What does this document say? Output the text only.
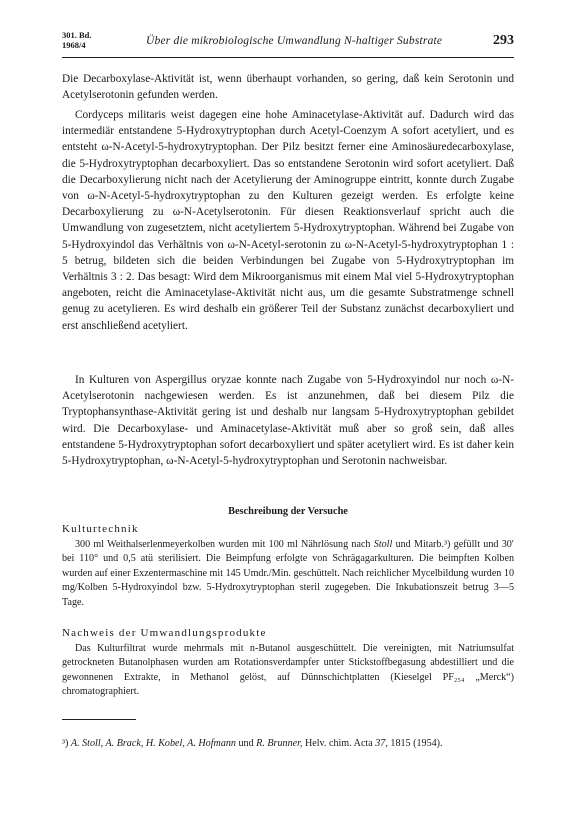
301. Bd.
1968/4	Über die mikrobiologische Umwandlung N-haltiger Substrate	293

Die Decarboxylase-Aktivität ist, wenn überhaupt vorhanden, so gering, daß kein Serotonin und Acetylserotonin gefunden werden.

Cordyceps militaris weist dagegen eine hohe Aminacetylase-Aktivität auf. Dadurch wird das intermediär entstandene 5-Hydroxytryptophan durch Acetyl-Coenzym A sofort acetyliert, und es entsteht ω-N-Acetyl-5-hydroxytryptophan. Der Pilz besitzt ferner eine Aminosäuredecarboxylase, die 5-Hydroxytryptophan decarboxyliert. Das so entstandene Serotonin wird sofort acetyliert. Daß die Decarboxylierung nicht nach der Acetylierung der Aminogruppe eintritt, konnte durch Zugabe von ω-N-Acetyl-5-hydroxytryptophan zu den Kulturen gezeigt werden. Es erfolgte keine Decarboxylierung zu ω-N-Acetylserotonin. Für diesen Reaktionsverlauf spricht auch die Umwandlung von zugesetztem, nicht acetyliertem 5-Hydroxytryptophan. Während bei Zugabe von 5-Hydroxyindol das Verhältnis von ω-N-Acetyl-serotonin zu ω-N-Acetyl-5-hydroxytryptophan 1 : 5 betrug, bildeten sich die beiden Verbindungen bei Zugabe von 5-Hydroxytryptophan im Verhältnis 3 : 2. Das besagt: Wird dem Mikroorganismus mit einem Mal viel 5-Hydroxytryptophan angeboten, reicht die Aminacetylase-Aktivität nicht aus, um die gesamte Substratmenge schnell genug zu acetylieren. Es wird deshalb ein größerer Teil der Substanz zunächst decarboxyliert und erst anschließend acetyliert.

In Kulturen von Aspergillus oryzae konnte nach Zugabe von 5-Hydroxyindol nur noch ω-N-Acetylserotonin nachgewiesen werden. Es ist anzunehmen, daß bei diesem Pilz die Tryptophansynthase-Aktivität gering ist und deshalb nur langsam 5-Hydroxytryptophan gebildet wird. Die Decarboxylase- und Aminacetylase-Aktivität muß aber so groß sein, daß alles entstandene 5-Hydroxytryptophan sofort decarboxyliert und später acetyliert wird. Es ist daher kein 5-Hydroxytryptophan, ω-N-Acetyl-5-hydroxytryptophan und Serotonin nachweisbar.

Beschreibung der Versuche

Kulturtechnik

300 ml Weithalserlenmeyerkolben wurden mit 100 ml Nährlösung nach Stoll und Mitarb.³) gefüllt und 30′ bei 110° und 0,5 atü sterilisiert. Die Beimpfung erfolgte von Schrägagarkulturen. Die beimpften Kolben wurden auf einer Exzentermaschine mit 145 Umdr./Min. geschüttelt. Nach reichlicher Mycelbildung wurden 10 mg/Kolben 5-Hydroxyindol bzw. 5-Hydroxytryptophan steril zugegeben. Die Inkubationszeit betrug 3—5 Tage.

Nachweis der Umwandlungsprodukte

Das Kulturfiltrat wurde mehrmals mit n-Butanol ausgeschüttelt. Die vereinigten, mit Natriumsulfat getrockneten Butanolphasen wurden am Rotationsverdampfer unter Stickstoffbegasung abdestilliert und die gewonnenen Extrakte, in Methanol gelöst, auf Dünnschichtplatten (Kieselgel PF₂₅₄ „Merck“) chromatographiert.

³) A. Stoll, A. Brack, H. Kobel, A. Hofmann und R. Brunner, Helv. chim. Acta 37, 1815 (1954).
